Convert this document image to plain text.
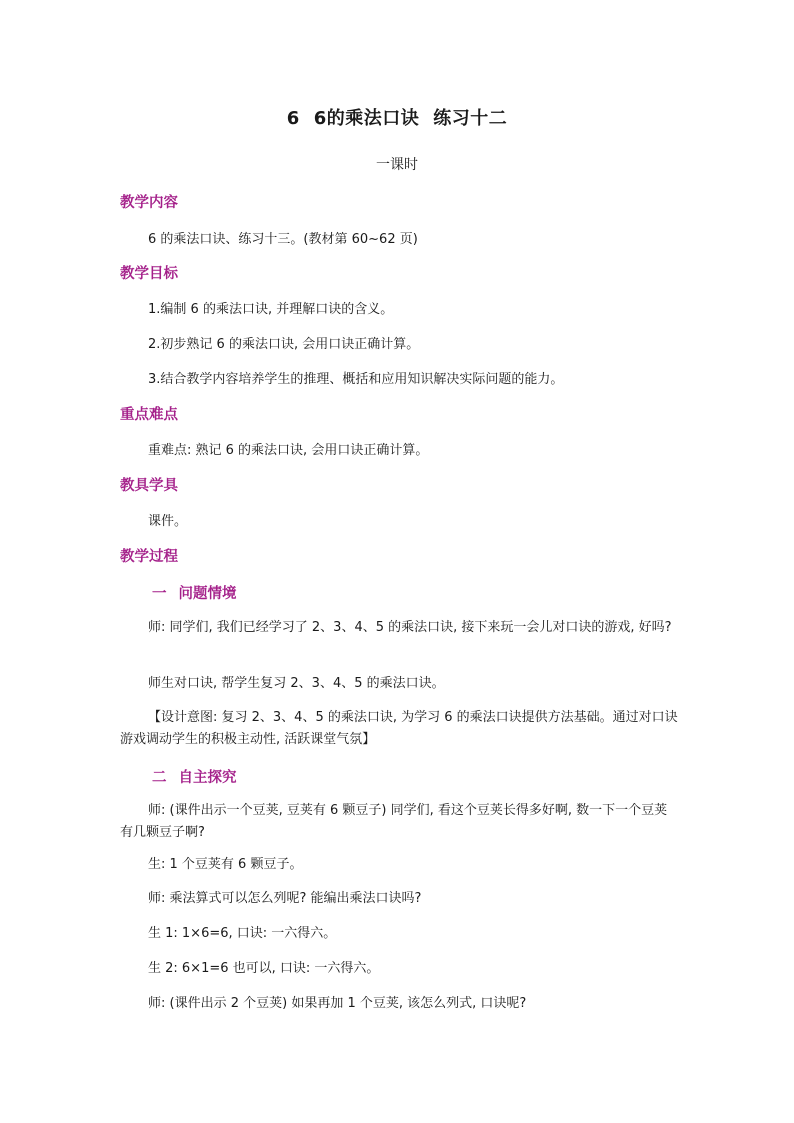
6 6的乘法口诀 练习十二

一课时

教学内容

6 的乘法口诀、练习十三。(教材第 60~62 页)

教学目标

1.编制 6 的乘法口诀, 并理解口诀的含义。

2.初步熟记 6 的乘法口诀, 会用口诀正确计算。

3.结合教学内容培养学生的推理、概括和应用知识解决实际问题的能力。

重点难点

重难点: 熟记 6 的乘法口诀, 会用口诀正确计算。

教具学具

课件。

教学过程
一 问题情境

师: 同学们, 我们已经学习了 2、3、4、5 的乘法口诀, 接下来玩一会儿对口诀的游戏, 好吗?

师生对口诀, 帮学生复习 2、3、4、5 的乘法口诀。

【设计意图: 复习 2、3、4、5 的乘法口诀, 为学习 6 的乘法口诀提供方法基础。通过对口诀游戏调动学生的积极主动性, 活跃课堂气氛】

二 自主探究

师: (课件出示一个豆荚, 豆荚有 6 颗豆子) 同学们, 看这个豆荚长得多好啊, 数一下一个豆荚有几颗豆子啊?

生: 1 个豆荚有 6 颗豆子。

师: 乘法算式可以怎么列呢? 能编出乘法口诀吗?

生 1: 1×6=6, 口诀: 一六得六。

生 2: 6×1=6 也可以, 口诀: 一六得六。

师: (课件出示 2 个豆荚) 如果再加 1 个豆荚, 该怎么列式, 口诀呢?
